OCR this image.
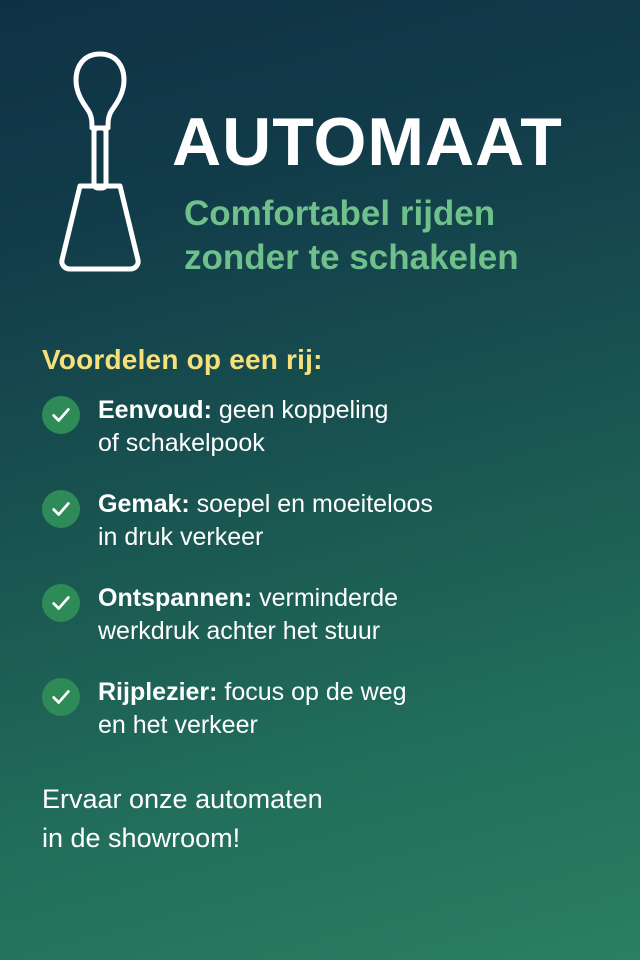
AUTOMAAT
Comfortabel rijden
zonder te schakelen
Voordelen op een rij:
Eenvoud: geen koppeling
of schakelpook
Gemak: soepel en moeiteloos
in druk verkeer
Ontspannen: verminderde
werkdruk achter het stuur
Rijplezier: focus op de weg
en het verkeer
Ervaar onze automaten
in de showroom!
